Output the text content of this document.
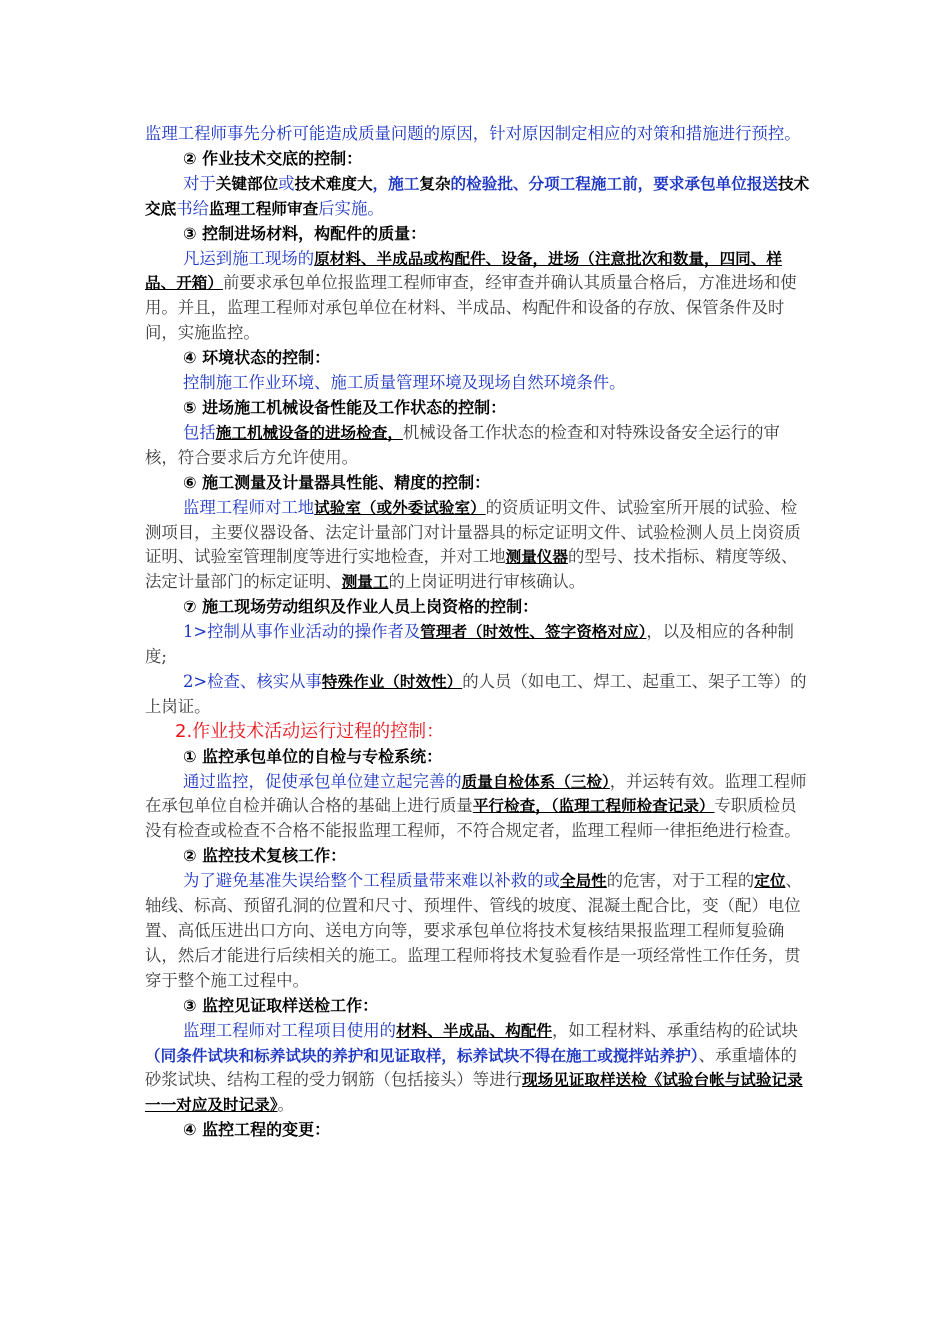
监理工程师事先分析可能造成质量问题的原因，针对原因制定相应的对策和措施进行预控。

② 作业技术交底的控制：

对于关键部位或技术难度大，施工复杂的检验批、分项工程施工前，要求承包单位报送技术交底书给监理工程师审查后实施。

③ 控制进场材料，构配件的质量：

凡运到施工现场的原材料、半成品或构配件、设备，进场（注意批次和数量，四同、样品、开箱）前要求承包单位报监理工程师审查，经审查并确认其质量合格后，方准进场和使用。并且，监理工程师对承包单位在材料、半成品、构配件和设备的存放、保管条件及时间，实施监控。

④ 环境状态的控制：

控制施工作业环境、施工质量管理环境及现场自然环境条件。

⑤ 进场施工机械设备性能及工作状态的控制：

包括施工机械设备的进场检查，机械设备工作状态的检查和对特殊设备安全运行的审核，符合要求后方允许使用。

⑥ 施工测量及计量器具性能、精度的控制：

监理工程师对工地试验室（或外委试验室）的资质证明文件、试验室所开展的试验、检测项目，主要仪器设备、法定计量部门对计量器具的标定证明文件、试验检测人员上岗资质证明、试验室管理制度等进行实地检查，并对工地测量仪器的型号、技术指标、精度等级、法定计量部门的标定证明、测量工的上岗证明进行审核确认。

⑦ 施工现场劳动组织及作业人员上岗资格的控制：

1>控制从事作业活动的操作者及管理者（时效性、签字资格对应），以及相应的各种制度;

2>检查、核实从事特殊作业（时效性）的人员（如电工、焊工、起重工、架子工等）的上岗证。

2.作业技术活动运行过程的控制：

① 监控承包单位的自检与专检系统：

通过监控，促使承包单位建立起完善的质量自检体系（三检），并运转有效。监理工程师在承包单位自检并确认合格的基础上进行质量平行检查，（监理工程师检查记录）专职质检员没有检查或检查不合格不能报监理工程师，不符合规定者，监理工程师一律拒绝进行检查。

② 监控技术复核工作：

为了避免基准失误给整个工程质量带来难以补救的或全局性的危害，对于工程的定位、轴线、标高、预留孔洞的位置和尺寸、预埋件、管线的坡度、混凝土配合比，变（配）电位置、高低压进出口方向、送电方向等，要求承包单位将技术复核结果报监理工程师复验确认，然后才能进行后续相关的施工。监理工程师将技术复验看作是一项经常性工作任务，贯穿于整个施工过程中。

③ 监控见证取样送检工作：

监理工程师对工程项目使用的材料、半成品、构配件，如工程材料、承重结构的砼试块（同条件试块和标养试块的养护和见证取样，标养试块不得在施工或搅拌站养护）、承重墙体的砂浆试块、结构工程的受力钢筋（包括接头）等进行现场见证取样送检《试验台帐与试验记录一一对应及时记录》。

④ 监控工程的变更：
